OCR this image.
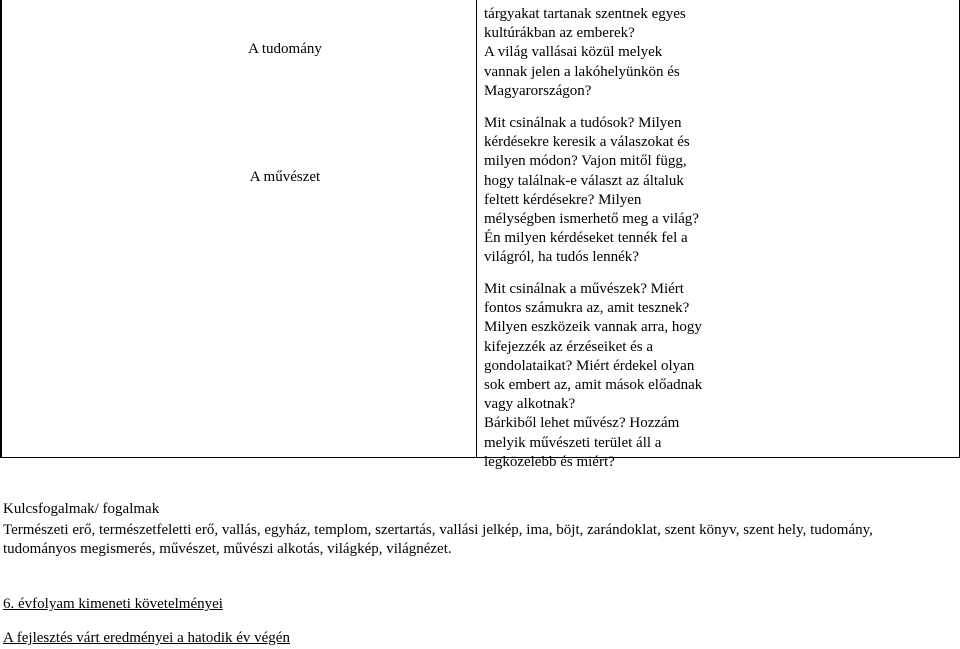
A tudomány
A művészet

tárgyakat tartanak szentnek egyes
kultúrákban az emberek?
A világ vallásai közül melyek
vannak jelen a lakóhelyünkön és
Magyarországon?

Mit csinálnak a tudósok? Milyen
kérdésekre keresik a válaszokat és
milyen módon? Vajon mitől függ,
hogy találnak-e választ az általuk
feltett kérdésekre? Milyen
mélységben ismerhető meg a világ?
Én milyen kérdéseket tennék fel a
világról, ha tudós lennék?

Mit csinálnak a művészek? Miért
fontos számukra az, amit tesznek?
Milyen eszközeik vannak arra, hogy
kifejezzék az érzéseiket és a
gondolataikat? Miért érdekel olyan
sok embert az, amit mások előadnak
vagy alkotnak?
Bárkiből lehet művész? Hozzám
melyik művészeti terület áll a
legközelebb és miért?

Kulcsfogalmak/ fogalmak
Természeti erő, természetfeletti erő, vallás, egyház, templom, szertartás, vallási jelkép, ima, böjt, zarándoklat, szent könyv, szent hely, tudomány,
tudományos megismerés, művészet, művészi alkotás, világkép, világnézet.
6. évfolyam kimeneti követelményei
A fejlesztés várt eredményei a hatodik év végén
